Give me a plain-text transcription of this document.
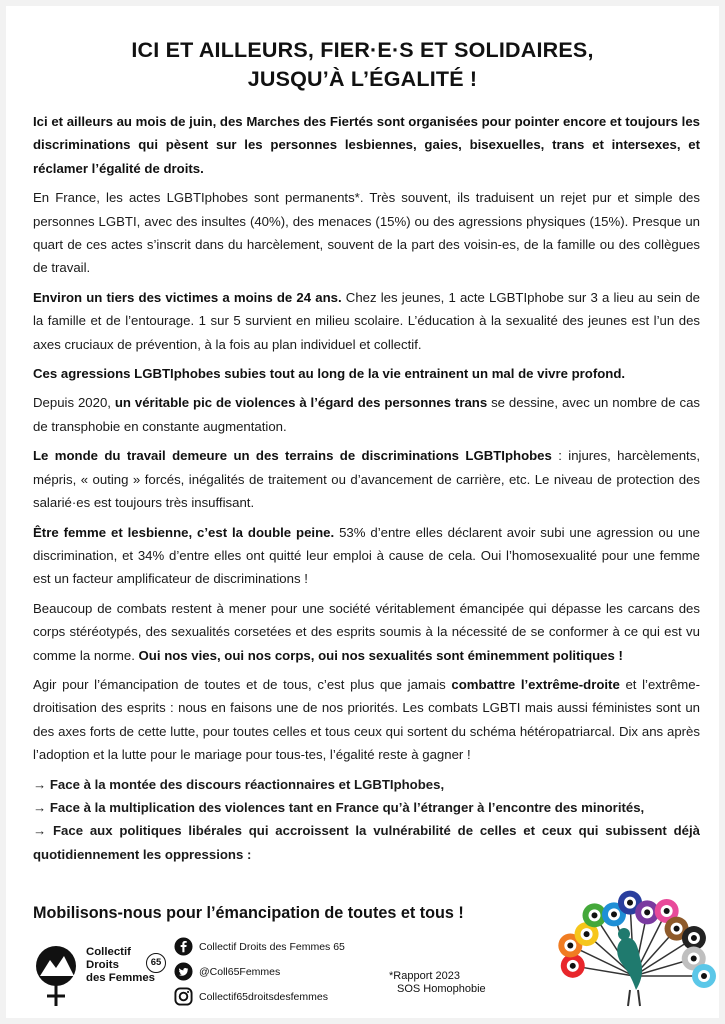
ICI ET AILLEURS, FIER·E·S ET SOLIDAIRES,
JUSQU’À L’ÉGALITÉ !

Ici et ailleurs au mois de juin, des Marches des Fiertés sont organisées pour pointer encore et toujours les discriminations qui pèsent sur les personnes lesbiennes, gaies, bisexuelles, trans et intersexes, et réclamer l’égalité de droits.

En France, les actes LGBTIphobes sont permanents*. Très souvent, ils traduisent un rejet pur et simple des personnes LGBTI, avec des insultes (40%), des menaces (15%) ou des agressions physiques (15%). Presque un quart de ces actes s’inscrit dans du harcèlement, souvent de la part des voisin-es, de la famille ou des collègues de travail.

Environ un tiers des victimes a moins de 24 ans. Chez les jeunes, 1 acte LGBTIphobe sur 3 a lieu au sein de la famille et de l’entourage. 1 sur 5 survient en milieu scolaire. L’éducation à la sexualité des jeunes est l’un des axes cruciaux de prévention, à la fois au plan individuel et collectif.

Ces agressions LGBTIphobes subies tout au long de la vie entrainent un mal de vivre profond.

Depuis 2020, un véritable pic de violences à l’égard des personnes trans se dessine, avec un nombre de cas de transphobie en constante augmentation.

Le monde du travail demeure un des terrains de discriminations LGBTIphobes : injures, harcèlements, mépris, « outing » forcés, inégalités de traitement ou d’avancement de carrière, etc. Le niveau de protection des salarié·es est toujours très insuffisant.

Être femme et lesbienne, c’est la double peine. 53% d’entre elles déclarent avoir subi une agression ou une discrimination, et 34% d’entre elles ont quitté leur emploi à cause de cela. Oui l’homosexualité pour une femme est un facteur amplificateur de discriminations !

Beaucoup de combats restent à mener pour une société véritablement émancipée qui dépasse les carcans des corps stéréotypés, des sexualités corsetées et des esprits soumis à la nécessité de se conformer à ce qui est vu comme la norme. Oui nos vies, oui nos corps, oui nos sexualités sont éminemment politiques !

Agir pour l’émancipation de toutes et de tous, c’est plus que jamais combattre l’extrême-droite et l’extrême-droitisation des esprits : nous en faisons une de nos priorités. Les combats LGBTI mais aussi féministes sont un des axes forts de cette lutte, pour toutes celles et tous ceux qui sortent du schéma hétéropatriarcal. Dix ans après l’adoption et la lutte pour le mariage pour tous-tes, l’égalité reste à gagner !

→ Face à la montée des discours réactionnaires et LGBTIphobes,

→ Face à la multiplication des violences tant en France qu’à l’étranger à l’encontre des minorités,

→ Face aux politiques libérales qui accroissent la vulnérabilité de celles et ceux qui subissent déjà quotidiennement les oppressions :

Mobilisons-nous pour l’émancipation de toutes et tous !
Collectif
Droits
des Femmes
65
Collectif Droits des Femmes 65
@Coll65Femmes
Collectif65droitsdesfemmes
*Rapport 2023
SOS Homophobie
